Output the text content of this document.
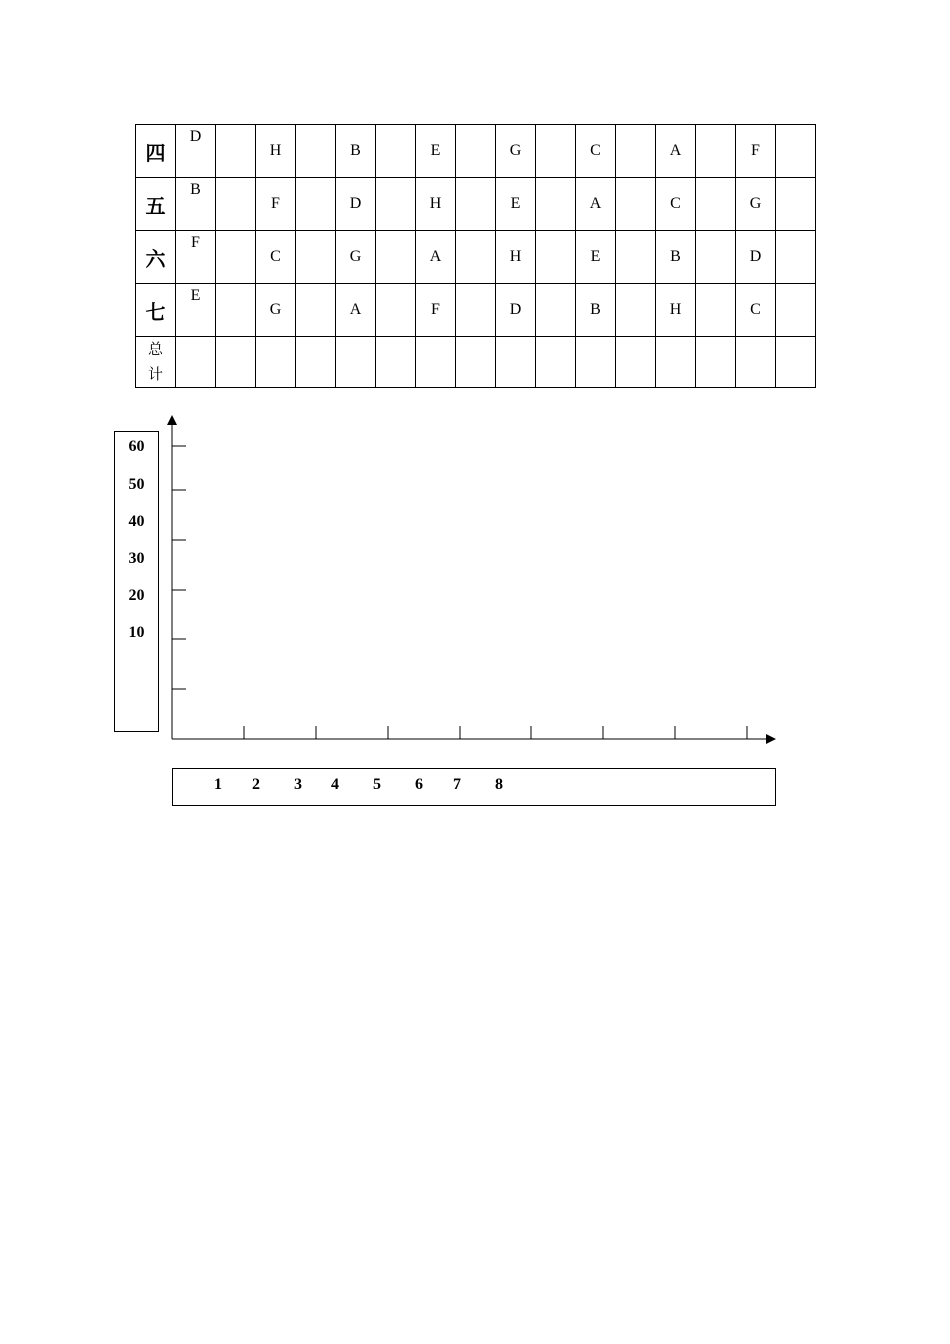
四	D		H		B		E		G		C		A		F	
五	B		F		D		H		E		A		C		G	
六	F		C		G		A		H		E		B		D	
七	E		G		A		F		D		B		H		C	

总
计																

60
50
40
30
20
10
1 2 3 4 5 6 7 8
